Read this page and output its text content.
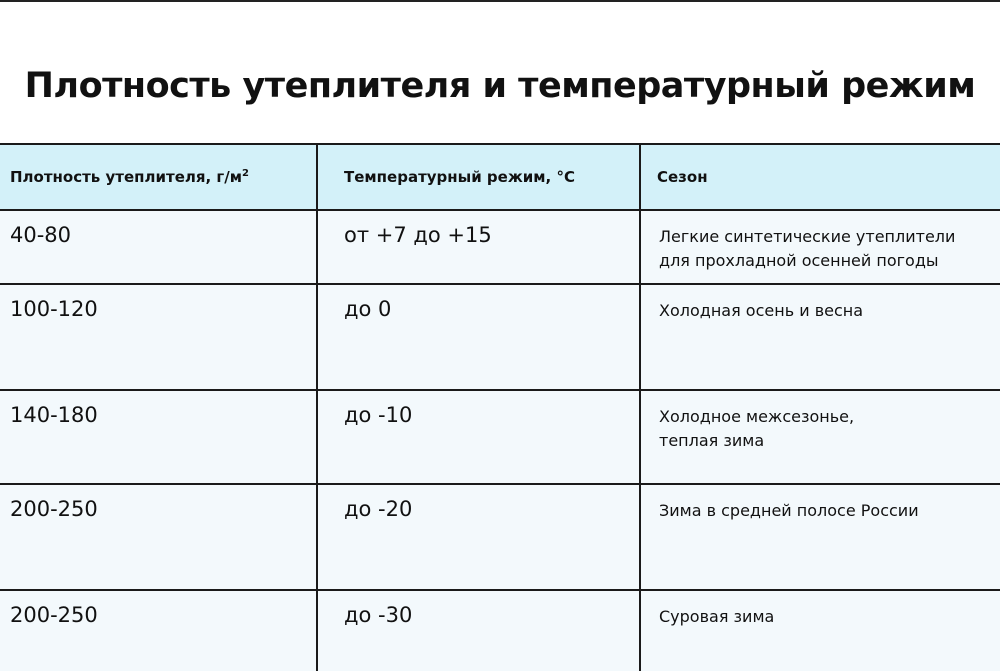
Плотность утеплителя и температурный режим
Плотность утеплителя, $г/м^2$	Температурный режим, °С	Сезон

40-80	от +7 до +15	Легкие синтетические утеплители
для прохладной осенней погоды

100-120	до 0	Холодная осень и весна

140-180	до -10	Холодное межсезонье,
теплая зима

200-250	до -20	Зима в средней полосе России

200-250	до -30	Суровая зима
